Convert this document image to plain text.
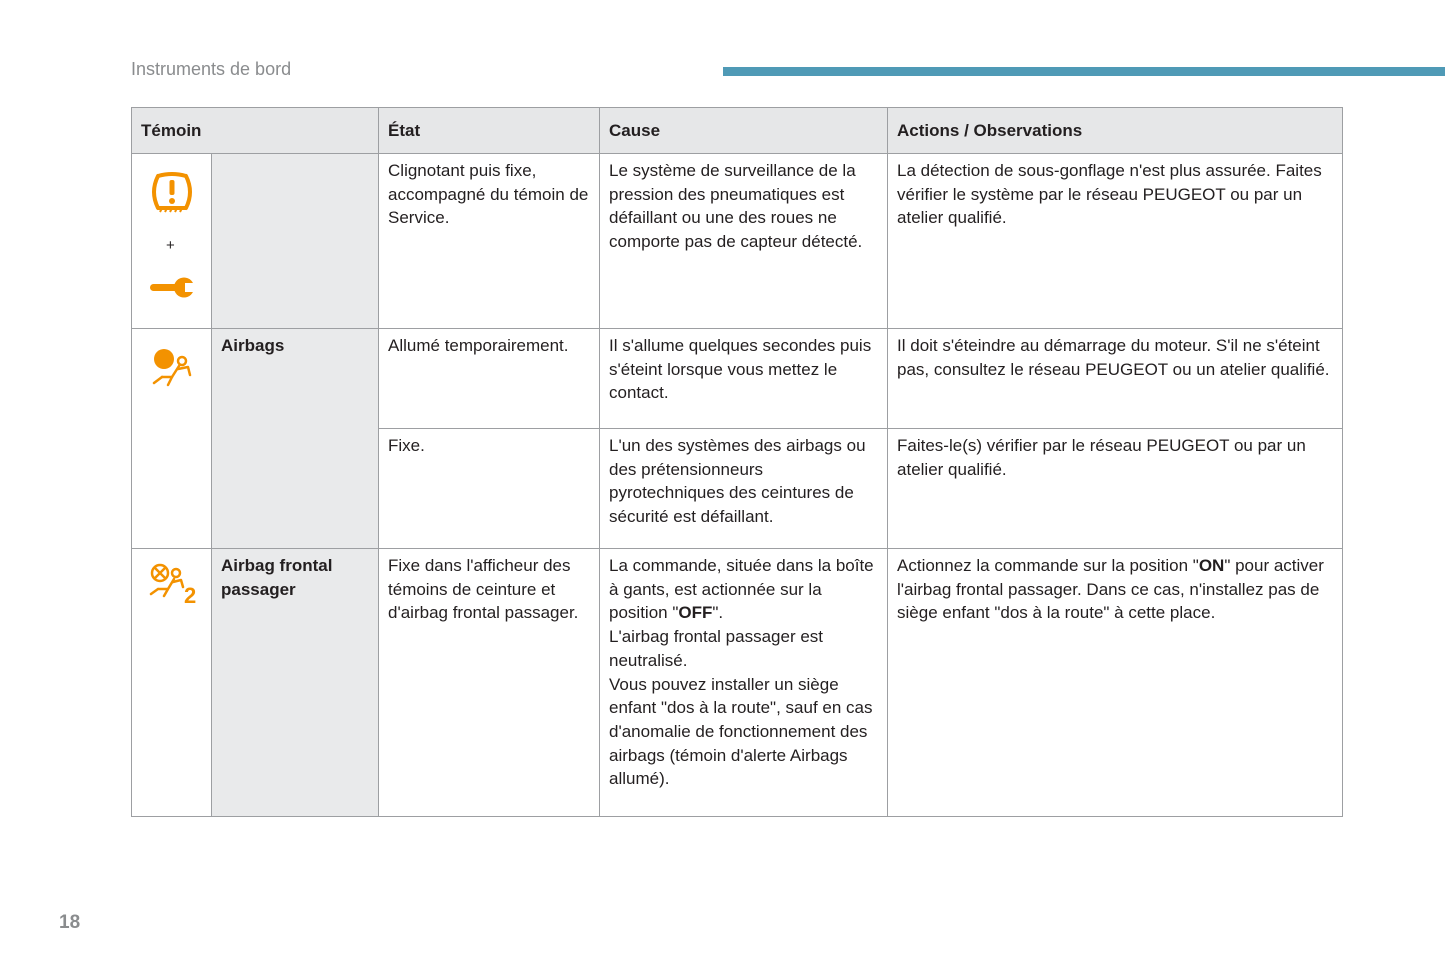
Instruments de bord
Témoin		État	Cause	Actions / Observations

+		Clignotant puis fixe, accompagné du témoin de Service.	Le système de surveillance de la pression des pneumatiques est défaillant ou une des roues ne comporte pas de capteur détecté.	La détection de sous-gonflage n'est plus assurée. Faites vérifier le système par le réseau PEUGEOT ou par un atelier qualifié.

	Airbags	Allumé temporairement.	Il s'allume quelques secondes puis s'éteint lorsque vous mettez le contact.	Il doit s'éteindre au démarrage du moteur. S'il ne s'éteint pas, consultez le réseau PEUGEOT ou un atelier qualifié.
		Fixe.	L'un des systèmes des airbags ou des prétensionneurs pyrotechniques des ceintures de sécurité est défaillant.	Faites-le(s) vérifier par le réseau PEUGEOT ou par un atelier qualifié.

2	Airbag frontal passager	Fixe dans l'afficheur des témoins de ceinture et d'airbag frontal passager.	La commande, située dans la boîte à gants, est actionnée sur la position "OFF".
L'airbag frontal passager est neutralisé.
Vous pouvez installer un siège enfant "dos à la route", sauf en cas d'anomalie de fonctionnement des airbags (témoin d'alerte Airbags allumé).	Actionnez la commande sur la position "ON" pour activer l'airbag frontal passager. Dans ce cas, n'installez pas de siège enfant "dos à la route" à cette place.
18
